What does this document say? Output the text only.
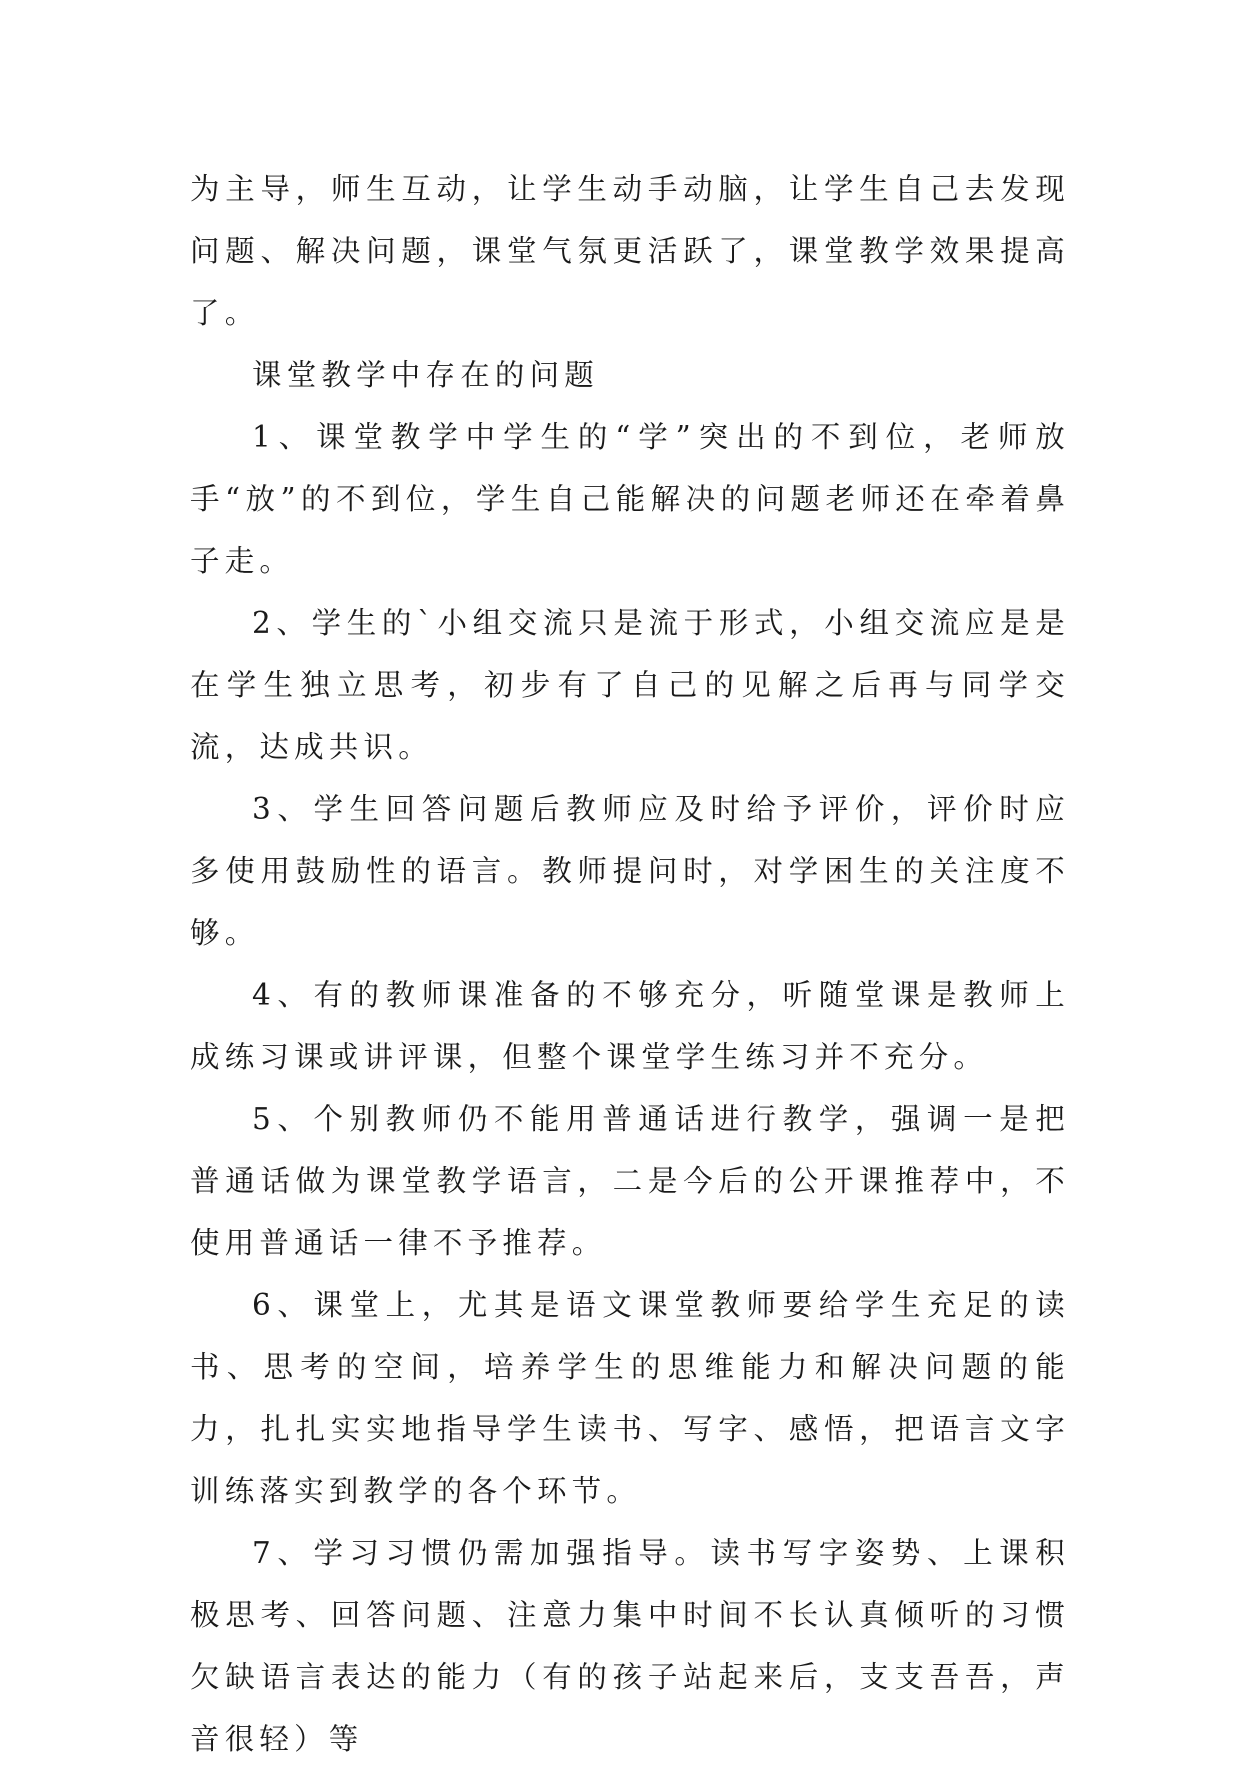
为主导，师生互动，让学生动手动脑，让学生自己去发现问题、解决问题，课堂气氛更活跃了，课堂教学效果提高了。

课堂教学中存在的问题

1、课堂教学中学生的“学”突出的不到位，老师放手“放”的不到位，学生自己能解决的问题老师还在牵着鼻子走。

2、学生的`小组交流只是流于形式，小组交流应是是在学生独立思考，初步有了自己的见解之后再与同学交流，达成共识。

3、学生回答问题后教师应及时给予评价，评价时应多使用鼓励性的语言。教师提问时，对学困生的关注度不够。

4、有的教师课准备的不够充分，听随堂课是教师上成练习课或讲评课，但整个课堂学生练习并不充分。

5、个别教师仍不能用普通话进行教学，强调一是把普通话做为课堂教学语言，二是今后的公开课推荐中，不使用普通话一律不予推荐。

6、课堂上，尤其是语文课堂教师要给学生充足的读书、思考的空间，培养学生的思维能力和解决问题的能力，扎扎实实地指导学生读书、写字、感悟，把语言文字训练落实到教学的各个环节。

7、学习习惯仍需加强指导。读书写字姿势、上课积极思考、回答问题、注意力集中时间不长认真倾听的习惯欠缺语言表达的能力（有的孩子站起来后，支支吾吾，声音很轻）等
